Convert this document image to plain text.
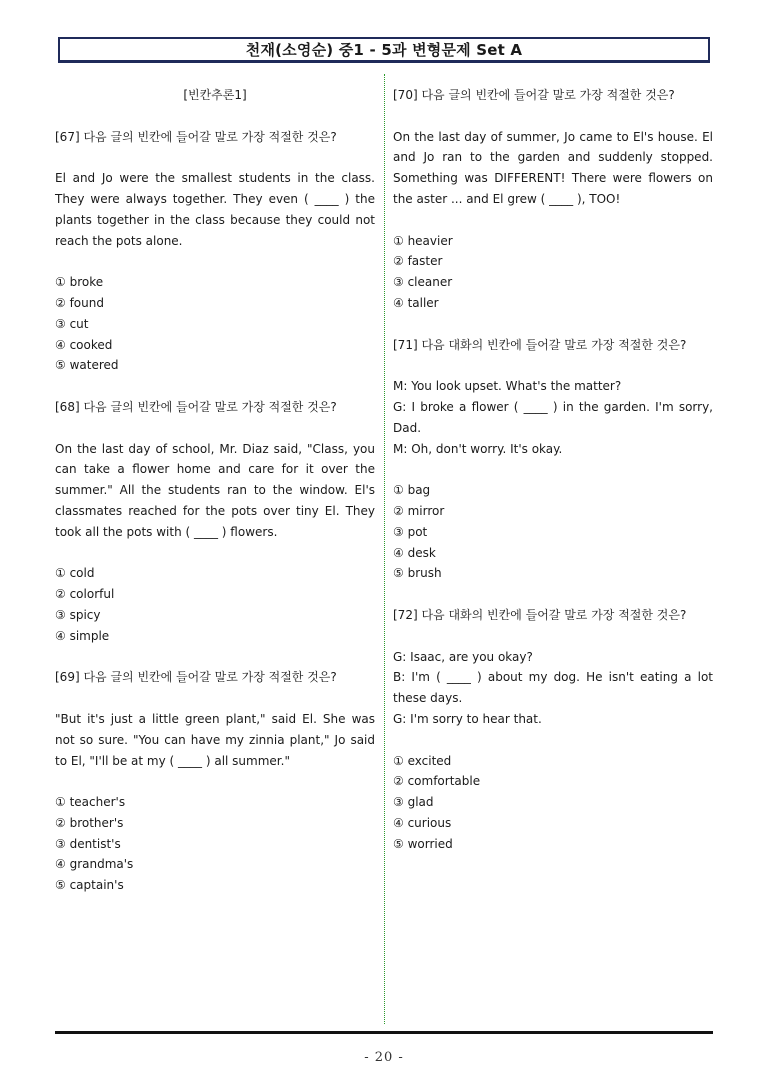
천재(소영순) 중1 - 5과 변형문제 Set A
[빈칸추론1]
[67] 다음 글의 빈칸에 들어갈 말로 가장 적절한 것은?
El and Jo were the smallest students in the class. They were always together. They even ( ____ ) the plants together in the class because they could not reach the pots alone.
① broke
② found
③ cut
④ cooked
⑤ watered
[68] 다음 글의 빈칸에 들어갈 말로 가장 적절한 것은?
On the last day of school, Mr. Diaz said, "Class, you can take a flower home and care for it over the summer." All the students ran to the window. El's classmates reached for the pots over tiny El. They took all the pots with ( ____ ) flowers.
① cold
② colorful
③ spicy
④ simple
[69] 다음 글의 빈칸에 들어갈 말로 가장 적절한 것은?
"But it's just a little green plant," said El. She was not so sure. "You can have my zinnia plant," Jo said to El, "I'll be at my ( ____ ) all summer."
① teacher's
② brother's
③ dentist's
④ grandma's
⑤ captain's
[70] 다음 글의 빈칸에 들어갈 말로 가장 적절한 것은?
On the last day of summer, Jo came to El's house. El and Jo ran to the garden and suddenly stopped. Something was DIFFERENT! There were flowers on the aster ... and El grew ( ____ ), TOO!
① heavier
② faster
③ cleaner
④ taller
[71] 다음 대화의 빈칸에 들어갈 말로 가장 적절한 것은?
M: You look upset. What's the matter?
G: I broke a flower ( ____ ) in the garden. I'm sorry, Dad.
M: Oh, don't worry. It's okay.
① bag
② mirror
③ pot
④ desk
⑤ brush
[72] 다음 대화의 빈칸에 들어갈 말로 가장 적절한 것은?
G: Isaac, are you okay?
B: I'm ( ____ ) about my dog. He isn't eating a lot these days.
G: I'm sorry to hear that.
① excited
② comfortable
③ glad
④ curious
⑤ worried
- 20 -
